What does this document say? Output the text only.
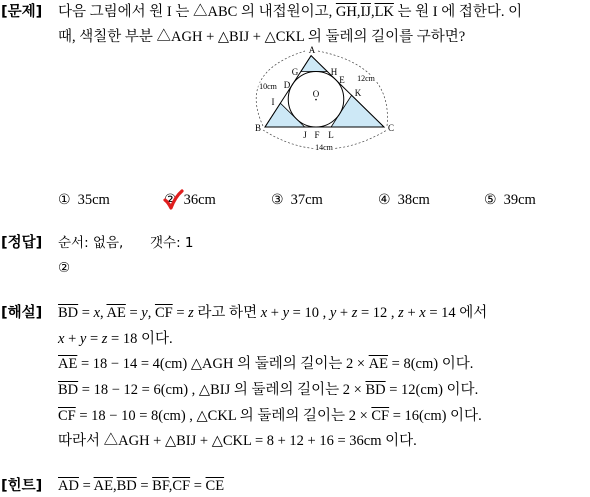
[문제] 다음 그림에서 원 I 는 △ABC 의 내접원이고, $\overline{GH},\overline{IJ},\overline{LK}$ 는 원 I 에 접한다. 이
때, 색칠한 부분 △AGH + △BIJ + △CKL 의 둘레의 길이를 구하면?
A
G	H
D	E
I
K
B	C
J F L
O
10cm
12cm
14cm
① 35cm	② 36cm	③ 37cm	④ 38cm	⑤ 39cm
[정답] 순서: 없음, 갯수: 1
②
[해설] $\overline{BD} = x$, $\overline{AE} = y$, $\overline{CF} = z$ 라고 하면 x + y = 10 , y + z = 12 , z + x = 14 에서
x + y = z = 18 이다.
$\overline{AE} = 18 - 14 = 4(cm)$ △AGH 의 둘레의 길이는 $2 \times \overline{AE} = 8(cm)$ 이다.
$\overline{BD} = 18 - 12 = 6(cm)$ , △BIJ 의 둘레의 길이는 $2 \times \overline{BD} = 12(cm)$ 이다.
$\overline{CF} = 18 - 10 = 8(cm)$ , △CKL 의 둘레의 길이는 $2 \times \overline{CF} = 16(cm)$ 이다.
따라서 △AGH + △BIJ + △CKL = 8 + 12 + 16 = 36cm 이다.
[힌트] $\overline{AD} = \overline{AE},\overline{BD} = \overline{BF},\overline{CF} = \overline{CE}$
